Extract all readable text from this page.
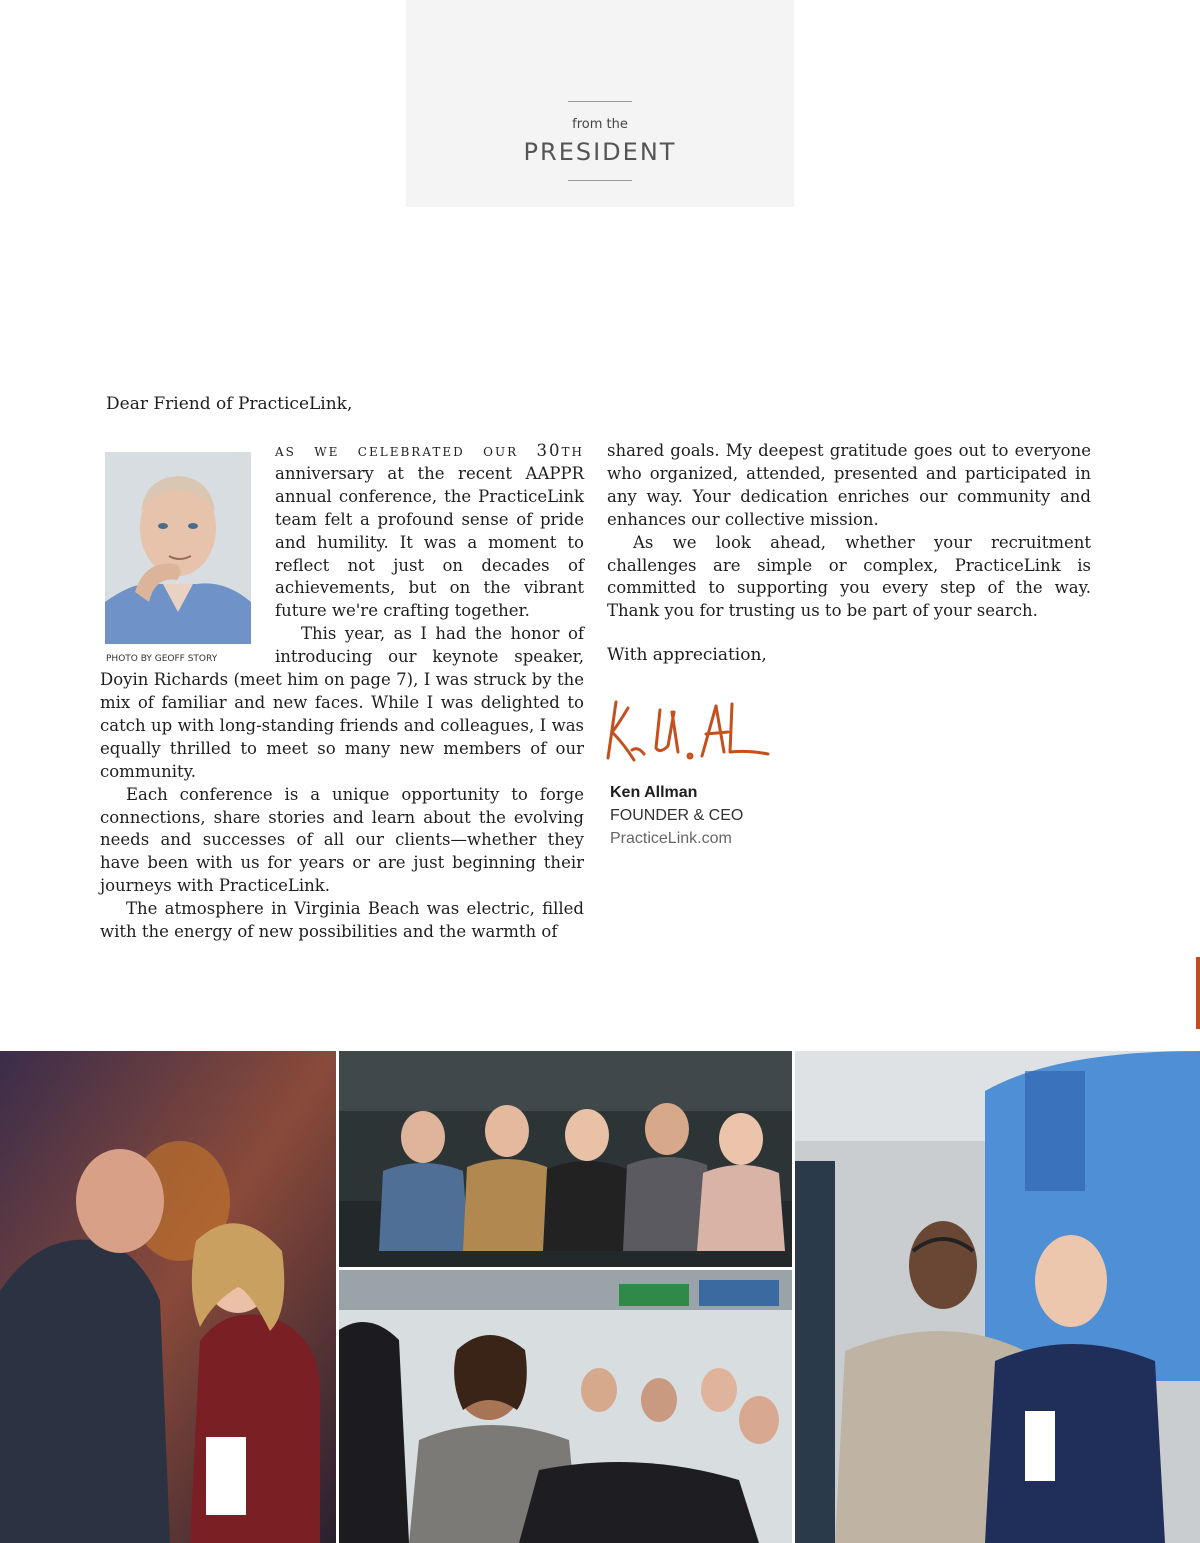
from the
PRESIDENT
Dear Friend of PracticeLink,
PHOTO BY GEOFF STORY

as we celebrated our 30th anniversary at the recent AAPPR annual conference, the PracticeLink team felt a profound sense of pride and humility. It was a moment to reflect not just on decades of achievements, but on the vibrant future we're crafting together.

This year, as I had the honor of introducing our keynote speaker, Doyin Richards (meet him on page 7), I was struck by the mix of familiar and new faces. While I was delighted to catch up with long-standing friends and colleagues, I was equally thrilled to meet so many new members of our community.

Each conference is a unique opportunity to forge connections, share stories and learn about the evolving needs and successes of all our clients—whether they have been with us for years or are just beginning their journeys with PracticeLink.

The atmosphere in Virginia Beach was electric, filled with the energy of new possibilities and the warmth of

shared goals. My deepest gratitude goes out to everyone who organized, attended, presented and participated in any way. Your dedication enriches our community and enhances our collective mission.

As we look ahead, whether your recruitment challenges are simple or complex, PracticeLink is committed to supporting you every step of the way. Thank you for trusting us to be part of your search.

With appreciation,
Ken Allman
FOUNDER & CEO
PracticeLink.com
